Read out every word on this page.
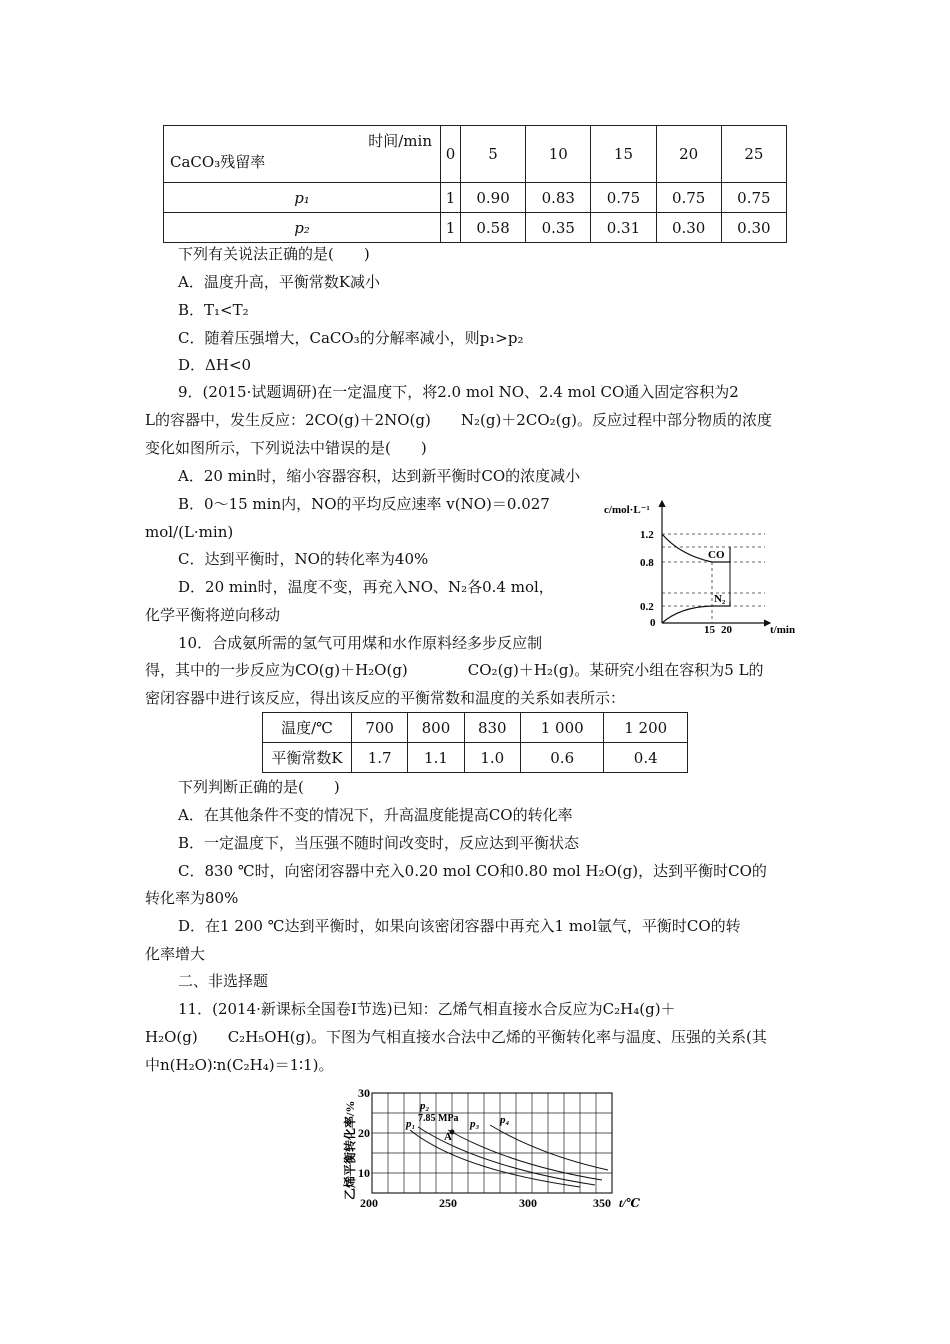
时间/min
CaCO₃残留率	0	5	10	15	20	25
p₁	1	0.90	0.83	0.75	0.75	0.75
p₂	1	0.58	0.35	0.31	0.30	0.30
下列有关说法正确的是(　　)
A．温度升高，平衡常数K减小
B．T₁<T₂
C．随着压强增大，CaCO₃的分解率减小，则p₁>p₂
D．ΔH<0
9．(2015·试题调研)在一定温度下，将2.0 mol NO、2.4 mol CO通入固定容积为2
L的容器中，发生反应：2CO(g)＋2NO(g)　　N₂(g)＋2CO₂(g)。反应过程中部分物质的浓度
变化如图所示，下列说法中错误的是(　　)
A．20 min时，缩小容器容积，达到新平衡时CO的浓度减小
B．0～15 min内，NO的平均反应速率 v(NO)＝0.027
mol/(L·min)
C．达到平衡时，NO的转化率为40%
D．20 min时，温度不变，再充入NO、N₂各0.4 mol，
化学平衡将逆向移动
c/mol·L⁻¹
t/min
1.2
0.8
0.2
0
15 20
CO
N₂
10．合成氨所需的氢气可用煤和水作原料经多步反应制
得，其中的一步反应为CO(g)＋H₂O(g)　　　　CO₂(g)＋H₂(g)。某研究小组在容积为5 L的
密闭容器中进行该反应，得出该反应的平衡常数和温度的关系如表所示：
温度/℃	700	800	830	1 000	1 200
平衡常数K	1.7	1.1	1.0	0.6	0.4
下列判断正确的是(　　)
A．在其他条件不变的情况下，升高温度能提高CO的转化率
B．一定温度下，当压强不随时间改变时，反应达到平衡状态
C．830 ℃时，向密闭容器中充入0.20 mol CO和0.80 mol H₂O(g)，达到平衡时CO的
转化率为80%
D．在1 200 ℃达到平衡时，如果向该密闭容器中再充入1 mol氩气，平衡时CO的转
化率增大
二、非选择题
11．(2014·新课标全国卷Ⅰ节选)已知：乙烯气相直接水合反应为C₂H₄(g)＋
H₂O(g)　　C₂H₅OH(g)。下图为气相直接水合法中乙烯的平衡转化率与温度、压强的关系(其
中n(H₂O)∶n(C₂H₄)＝1∶1)。
乙烯平衡转化率/%
30
20
10
200	250	300	350 t/℃
p₁
p₂
p₃ p₄
7.85 MPa
A
